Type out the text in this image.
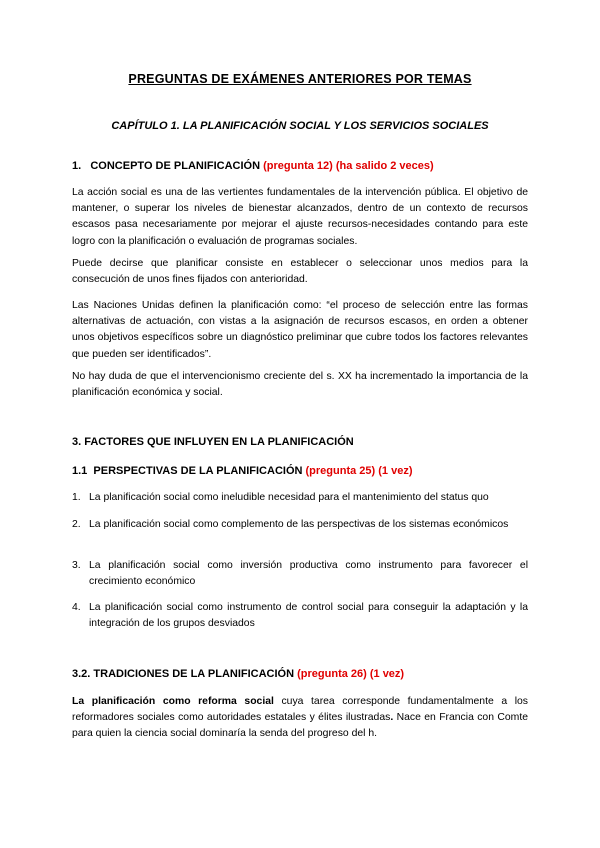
PREGUNTAS DE EXÁMENES ANTERIORES POR TEMAS
CAPÍTULO 1. LA PLANIFICACIÓN SOCIAL Y LOS SERVICIOS SOCIALES
1. CONCEPTO DE PLANIFICACIÓN (pregunta 12) (ha salido 2 veces)
La acción social es una de las vertientes fundamentales de la intervención pública. El objetivo de mantener, o superar los niveles de bienestar alcanzados, dentro de un contexto de recursos escasos pasa necesariamente por mejorar el ajuste recursos-necesidades contando para este logro con la planificación o evaluación de programas sociales.
Puede decirse que planificar consiste en establecer o seleccionar unos medios para la consecución de unos fines fijados con anterioridad.
Las Naciones Unidas definen la planificación como: “el proceso de selección entre las formas alternativas de actuación, con vistas a la asignación de recursos escasos, en orden a obtener unos objetivos específicos sobre un diagnóstico preliminar que cubre todos los factores relevantes que pueden ser identificados”.
No hay duda de que el intervencionismo creciente del s. XX ha incrementado la importancia de la planificación económica y social.
3. FACTORES QUE INFLUYEN EN LA PLANIFICACIÓN
1.1 PERSPECTIVAS DE LA PLANIFICACIÓN (pregunta 25) (1 vez)
1. La planificación social como ineludible necesidad para el mantenimiento del status quo
2. La planificación social como complemento de las perspectivas de los sistemas económicos
3. La planificación social como inversión productiva como instrumento para favorecer el crecimiento económico
4. La planificación social como instrumento de control social para conseguir la adaptación y la integración de los grupos desviados
3.2. TRADICIONES DE LA PLANIFICACIÓN (pregunta 26) (1 vez)
La planificación como reforma social cuya tarea corresponde fundamentalmente a los reformadores sociales como autoridades estatales y élites ilustradas. Nace en Francia con Comte para quien la ciencia social dominaría la senda del progreso del h.
